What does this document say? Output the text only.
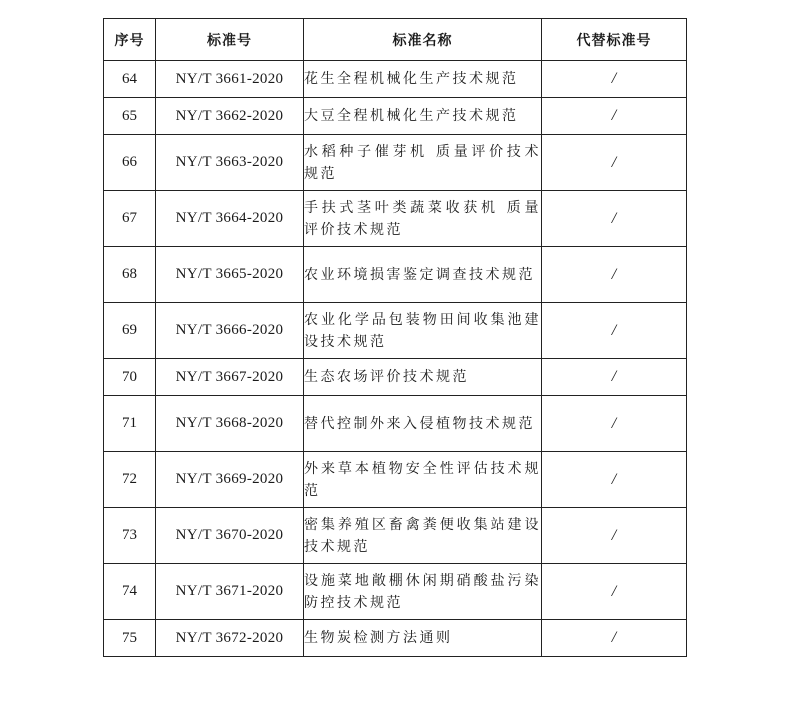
序号	标准号	标准名称	代替标准号
64	NY/T 3661-2020	花生全程机械化生产技术规范	/
65	NY/T 3662-2020	大豆全程机械化生产技术规范	/
66	NY/T 3663-2020	水稻种子催芽机 质量评价技术规范	/
67	NY/T 3664-2020	手扶式茎叶类蔬菜收获机 质量评价技术规范	/
68	NY/T 3665-2020	农业环境损害鉴定调查技术规范	/
69	NY/T 3666-2020	农业化学品包装物田间收集池建设技术规范	/
70	NY/T 3667-2020	生态农场评价技术规范	/
71	NY/T 3668-2020	替代控制外来入侵植物技术规范	/
72	NY/T 3669-2020	外来草本植物安全性评估技术规范	/
73	NY/T 3670-2020	密集养殖区畜禽粪便收集站建设技术规范	/
74	NY/T 3671-2020	设施菜地敞棚休闲期硝酸盐污染防控技术规范	/
75	NY/T 3672-2020	生物炭检测方法通则	/
